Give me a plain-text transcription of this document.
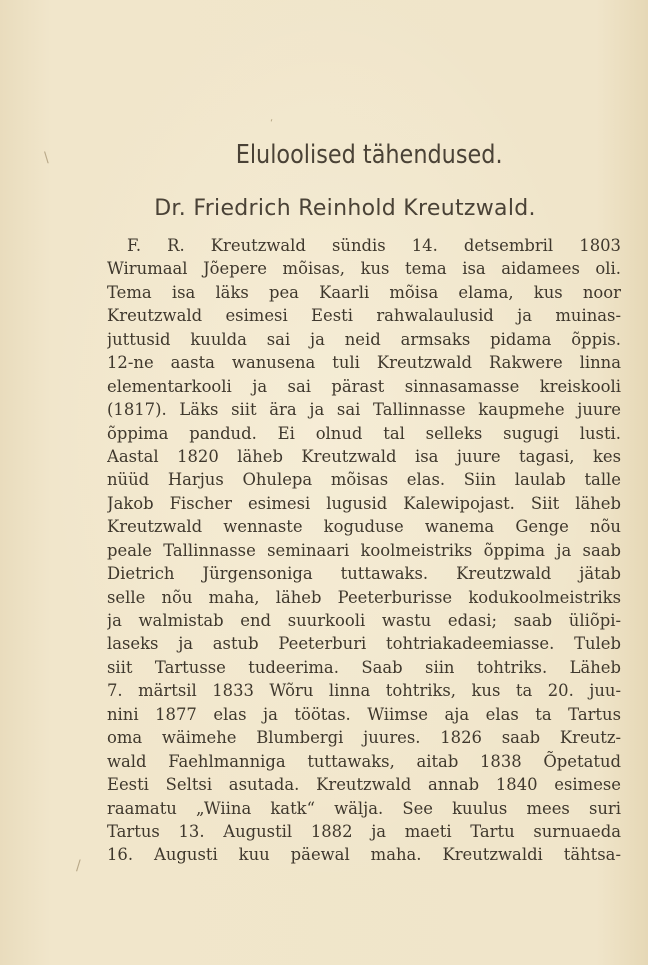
\
‘
/
Eluloolised tähendused.
Dr. Friedrich Reinhold Kreutzwald.
F. R. Kreutzwald sündis 14. detsembril 1803
Wirumaal Jõepere mõisas, kus tema isa aidamees oli.
Tema isa läks pea Kaarli mõisa elama, kus noor
Kreutzwald esimesi Eesti rahwalaulusid ja muinas-
juttusid kuulda sai ja neid armsaks pidama õppis.
12-ne aasta wanusena tuli Kreutzwald Rakwere linna
elementarkooli ja sai pärast sinnasamasse kreiskooli
(1817). Läks siit ära ja sai Tallinnasse kaupmehe juure
õppima pandud. Ei olnud tal selleks sugugi lusti.
Aastal 1820 läheb Kreutzwald isa juure tagasi, kes
nüüd Harjus Ohulepa mõisas elas. Siin laulab talle
Jakob Fischer esimesi lugusid Kalewipojast. Siit läheb
Kreutzwald wennaste koguduse wanema Genge nõu
peale Tallinnasse seminaari koolmeistriks õppima ja saab
Dietrich Jürgensoniga tuttawaks. Kreutzwald jätab
selle nõu maha, läheb Peeterburisse kodukoolmeistriks
ja walmistab end suurkooli wastu edasi; saab üliõpi-
laseks ja astub Peeterburi tohtriakadeemiasse. Tuleb
siit Tartusse tudeerima. Saab siin tohtriks. Läheb
7. märtsil 1833 Wõru linna tohtriks, kus ta 20. juu-
nini 1877 elas ja töötas. Wiimse aja elas ta Tartus
oma wäimehe Blumbergi juures. 1826 saab Kreutz-
wald Faehlmanniga tuttawaks, aitab 1838 Õpetatud
Eesti Seltsi asutada. Kreutzwald annab 1840 esimese
raamatu „Wiina katk“ wälja. See kuulus mees suri
Tartus 13. Augustil 1882 ja maeti Tartu surnuaeda
16. Augusti kuu päewal maha. Kreutzwaldi tähtsa-
